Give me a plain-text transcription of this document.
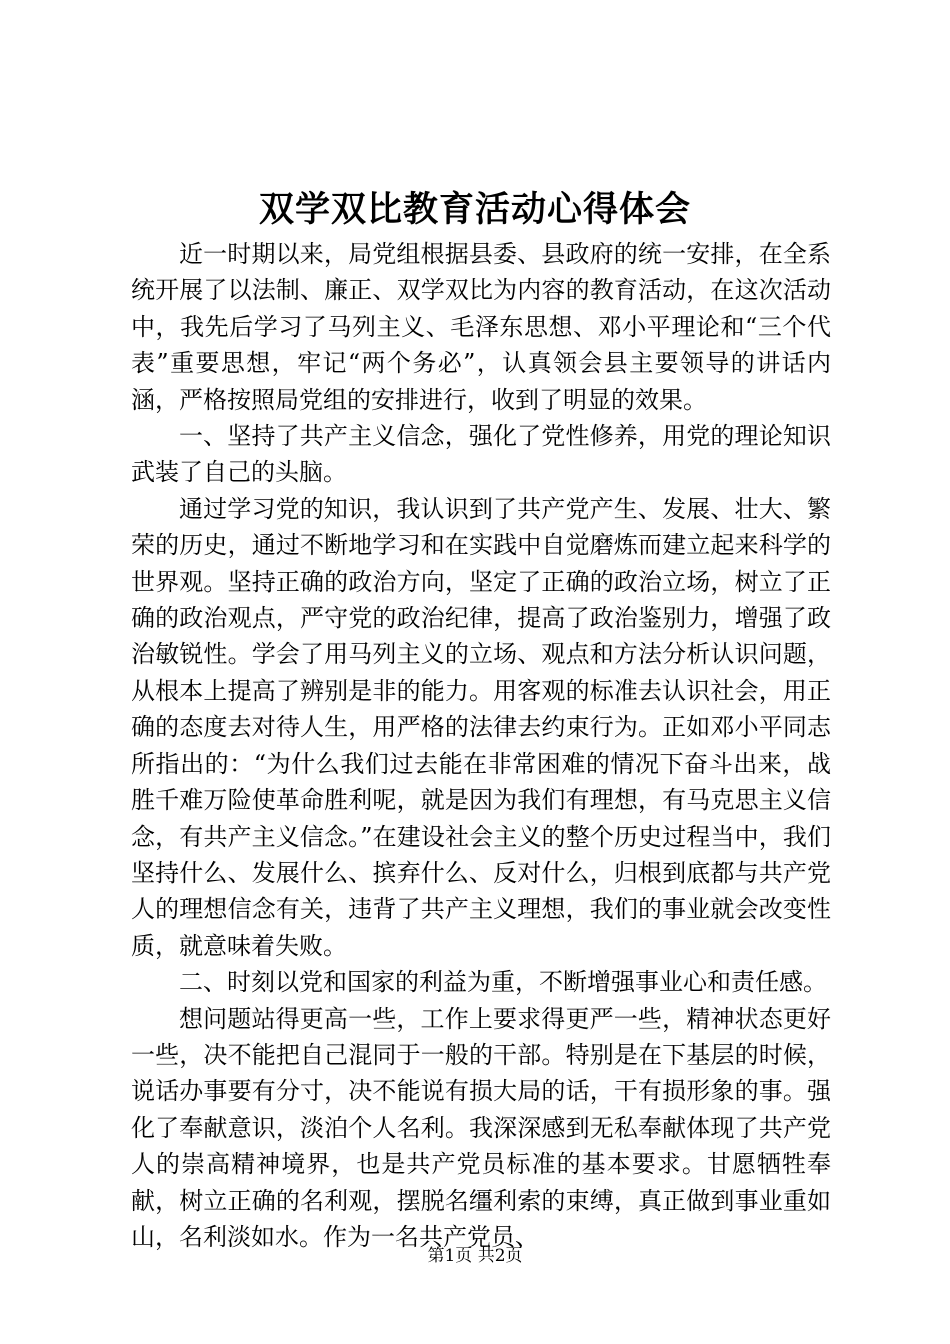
双学双比教育活动心得体会

近一时期以来，局党组根据县委、县政府的统一安排，在全系统开展了以法制、廉正、双学双比为内容的教育活动，在这次活动中，我先后学习了马列主义、毛泽东思想、邓小平理论和“三个代表”重要思想，牢记“两个务必”，认真领会县主要领导的讲话内涵，严格按照局党组的安排进行，收到了明显的效果。

一、坚持了共产主义信念，强化了党性修养，用党的理论知识武装了自己的头脑。

通过学习党的知识，我认识到了共产党产生、发展、壮大、繁荣的历史，通过不断地学习和在实践中自觉磨炼而建立起来科学的世界观。坚持正确的政治方向，坚定了正确的政治立场，树立了正确的政治观点，严守党的政治纪律，提高了政治鉴别力，增强了政治敏锐性。学会了用马列主义的立场、观点和方法分析认识问题，从根本上提高了辨别是非的能力。用客观的标准去认识社会，用正确的态度去对待人生，用严格的法律去约束行为。正如邓小平同志所指出的：“为什么我们过去能在非常困难的情况下奋斗出来，战胜千难万险使革命胜利呢，就是因为我们有理想，有马克思主义信念，有共产主义信念。”在建设社会主义的整个历史过程当中，我们坚持什么、发展什么、摈弃什么、反对什么，归根到底都与共产党人的理想信念有关，违背了共产主义理想，我们的事业就会改变性质，就意味着失败。

二、时刻以党和国家的利益为重，不断增强事业心和责任感。

想问题站得更高一些，工作上要求得更严一些，精神状态更好一些，决不能把自己混同于一般的干部。特别是在下基层的时候，说话办事要有分寸，决不能说有损大局的话，干有损形象的事。强化了奉献意识，淡泊个人名利。我深深感到无私奉献体现了共产党人的崇高精神境界，也是共产党员标准的基本要求。甘愿牺牲奉献，树立正确的名利观，摆脱名缰利索的束缚，真正做到事业重如山，名利淡如水。作为一名共产党员、

第1页 共2页
